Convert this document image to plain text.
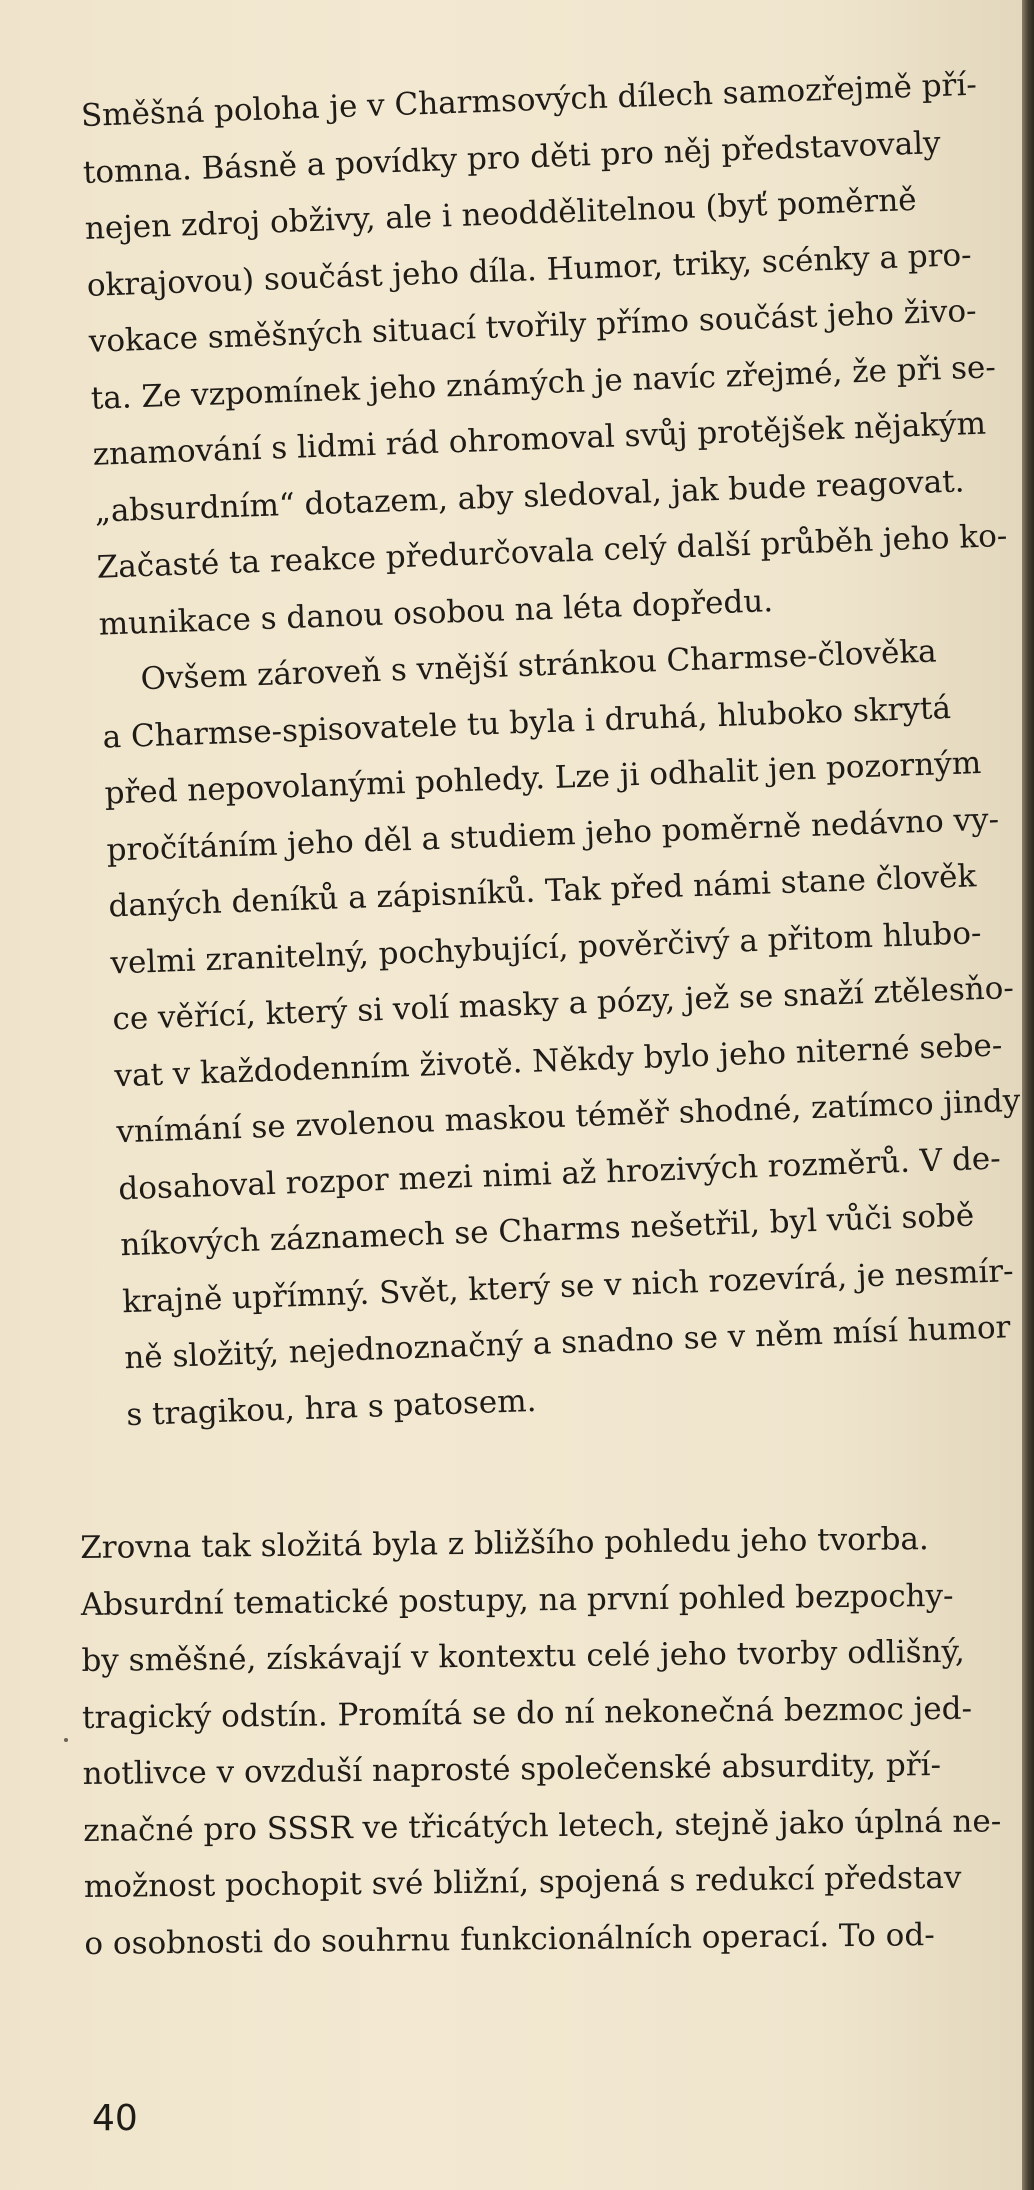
Směšná poloha je v Charmsových dílech samozřejmě pří-
tomna. Básně a povídky pro děti pro něj představovaly
nejen zdroj obživy, ale i neoddělitelnou (byť poměrně
okrajovou) součást jeho díla. Humor, triky, scénky a pro-
vokace směšných situací tvořily přímo součást jeho živo-
ta. Ze vzpomínek jeho známých je navíc zřejmé, že při se-
znamování s lidmi rád ohromoval svůj protějšek nějakým
„absurdním“ dotazem, aby sledoval, jak bude reagovat.
Začasté ta reakce předurčovala celý další průběh jeho ko-
munikace s danou osobou na léta dopředu.
Ovšem zároveň s vnější stránkou Charmse-člověka
a Charmse-spisovatele tu byla i druhá, hluboko skrytá
před nepovolanými pohledy. Lze ji odhalit jen pozorným
pročítáním jeho děl a studiem jeho poměrně nedávno vy-
daných deníků a zápisníků. Tak před námi stane člověk
velmi zranitelný, pochybující, pověrčivý a přitom hlubo-
ce věřící, který si volí masky a pózy, jež se snaží ztělesňo-
vat v každodenním životě. Někdy bylo jeho niterné sebe-
vnímání se zvolenou maskou téměř shodné, zatímco jindy
dosahoval rozpor mezi nimi až hrozivých rozměrů. V de-
níkových záznamech se Charms nešetřil, byl vůči sobě
krajně upřímný. Svět, který se v nich rozevírá, je nesmír-
ně složitý, nejednoznačný a snadno se v něm mísí humor
s tragikou, hra s patosem.
Zrovna tak složitá byla z bližšího pohledu jeho tvorba.
Absurdní tematické postupy, na první pohled bezpochy-
by směšné, získávají v kontextu celé jeho tvorby odlišný,
tragický odstín. Promítá se do ní nekonečná bezmoc jed-
notlivce v ovzduší naprosté společenské absurdity, pří-
značné pro SSSR ve třicátých letech, stejně jako úplná ne-
možnost pochopit své bližní, spojená s redukcí představ
o osobnosti do souhrnu funkcionálních operací. To od-
40
